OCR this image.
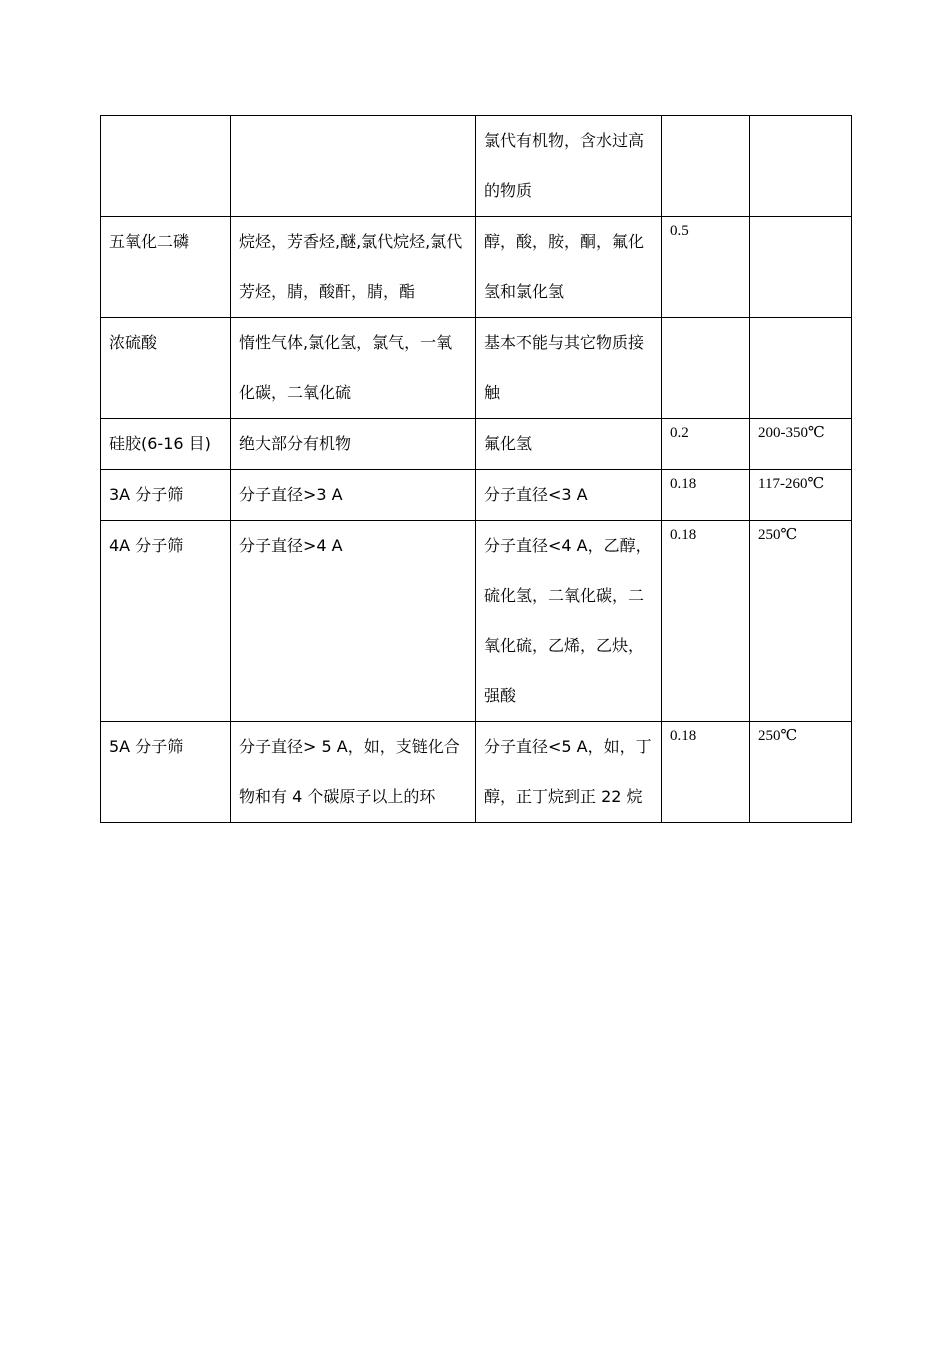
		氯代有机物，含水过高的物质		
五氧化二磷	烷烃，芳香烃,醚,氯代烷烃,氯代芳烃，腈，酸酐，腈，酯	醇，酸，胺，酮，氟化氢和氯化氢	0.5	
浓硫酸	惰性气体,氯化氢，氯气，一氧化碳，二氧化硫	基本不能与其它物质接触		
硅胶(6-16 目)	绝大部分有机物	氟化氢	0.2	200-350℃
3A 分子筛	分子直径>3 A	分子直径<3 A	0.18	117-260℃
4A 分子筛	分子直径>4 A	分子直径<4 A，乙醇，硫化氢，二氧化碳，二氧化硫，乙烯，乙炔，强酸	0.18	250℃
5A 分子筛	分子直径> 5 A，如，支链化合物和有 4 个碳原子以上的环	分子直径<5 A，如，丁醇，正丁烷到正 22 烷	0.18	250℃
